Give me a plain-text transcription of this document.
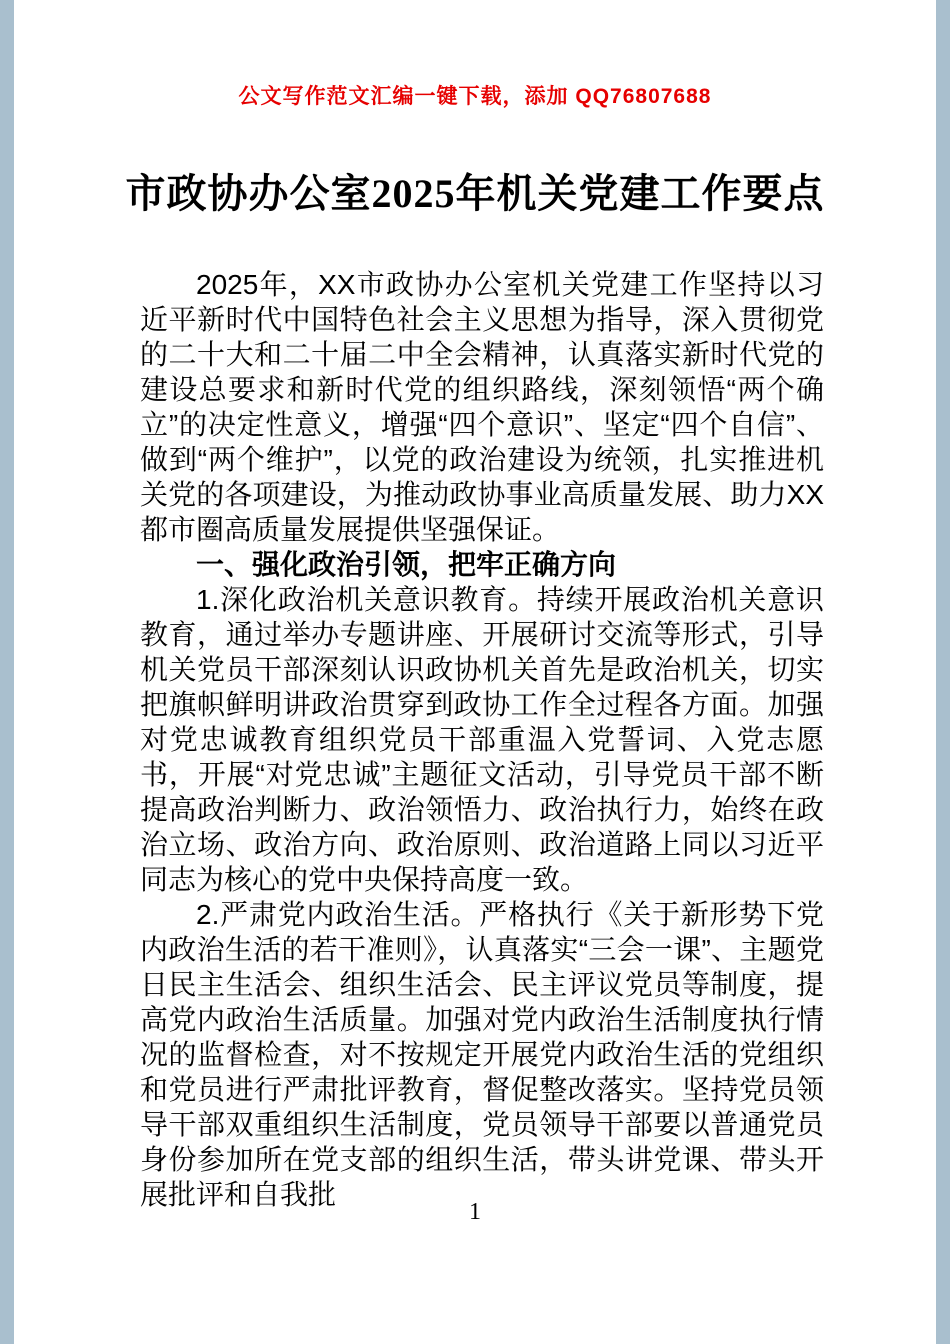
公文写作范文汇编一键下载，添加 QQ76807688
市政协办公室2025年机关党建工作要点

2025年，XX市政协办公室机关党建工作坚持以习近平新时代中国特色社会主义思想为指导，深入贯彻党的二十大和二十届二中全会精神，认真落实新时代党的建设总要求和新时代党的组织路线，深刻领悟“两个确立”的决定性意义，增强“四个意识”、坚定“四个自信”、做到“两个维护”，以党的政治建设为统领，扎实推进机关党的各项建设，为推动政协事业高质量发展、助力XX都市圈高质量发展提供坚强保证。

一、强化政治引领，把牢正确方向

1.深化政治机关意识教育。持续开展政治机关意识教育，通过举办专题讲座、开展研讨交流等形式，引导机关党员干部深刻认识政协机关首先是政治机关，切实把旗帜鲜明讲政治贯穿到政协工作全过程各方面。加强对党忠诚教育组织党员干部重温入党誓词、入党志愿书，开展“对党忠诚”主题征文活动，引导党员干部不断提高政治判断力、政治领悟力、政治执行力，始终在政治立场、政治方向、政治原则、政治道路上同以习近平同志为核心的党中央保持高度一致。

2.严肃党内政治生活。严格执行《关于新形势下党内政治生活的若干准则》，认真落实“三会一课”、主题党日民主生活会、组织生活会、民主评议党员等制度，提高党内政治生活质量。加强对党内政治生活制度执行情况的监督检查，对不按规定开展党内政治生活的党组织和党员进行严肃批评教育，督促整改落实。坚持党员领导干部双重组织生活制度，党员领导干部要以普通党员身份参加所在党支部的组织生活，带头讲党课、带头开展批评和自我批

1
